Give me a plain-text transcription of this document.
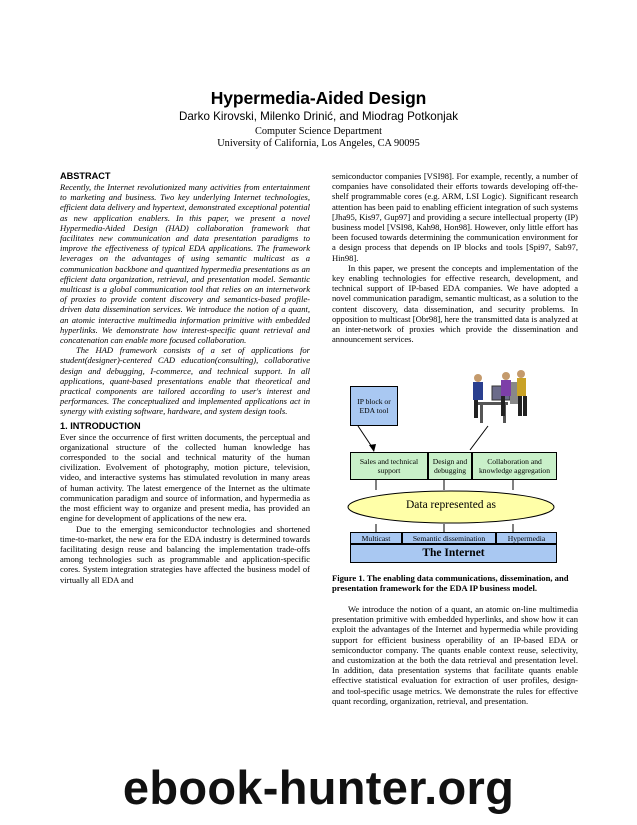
Hypermedia-Aided Design
Darko Kirovski, Milenko Drinić, and Miodrag Potkonjak
Computer Science Department
University of California, Los Angeles, CA 90095

ABSTRACT

Recently, the Internet revolutionized many activities from entertainment to marketing and business. Two key underlying Internet technologies, efficient data delivery and hypertext, demonstrated exceptional potential as new application enablers. In this paper, we present a novel Hypermedia-Aided Design (HAD) collaboration framework that facilitates new communication and data presentation paradigms to improve the effectiveness of typical EDA applications. The framework leverages on the advantages of using semantic multicast as a communication backbone and quantized hypermedia presentations as an efficient data organization, retrieval, and presentation model. Semantic multicast is a global communication tool that relies on an internetwork of proxies to provide content discovery and semantics-based profile-driven data dissemination services. We introduce the notion of a quant, an atomic interactive multimedia information primitive with embedded hyperlinks. We demonstrate how interest-specific quant retrieval and concatenation can enable more focused collaboration.

The HAD framework consists of a set of applications for student(designer)-centered CAD education(consulting), collaborative design and debugging, I-commerce, and technical support. In all applications, quant-based presentations enable that theoretical and practical components are tailored according to user's interest and performances. The conceptualized and implemented applications act in synergy with existing software, hardware, and system design tools.

1. INTRODUCTION

Ever since the occurrence of first written documents, the perceptual and organizational structure of the collected human knowledge has corresponded to the social and technical maturity of the human civilization. Evolvement of photography, motion picture, television, video, and interactive systems has stimulated revolution in many areas of human activity. The latest emergence of the Internet as the ultimate communication paradigm and source of information, and hypermedia as the most efficient way to organize and present media, has provided an engine for development of applications of the new era.

Due to the emerging semiconductor technologies and shortened time-to-market, the new era for the EDA industry is determined towards facilitating design reuse and balancing the implementation trade-offs among technologies such as programmable and application-specific cores. System integration strategies have affected the business model of virtually all EDA and

semiconductor companies [VSI98]. For example, recently, a number of companies have consolidated their efforts towards developing off-the-shelf programmable cores (e.g. ARM, LSI Logic). Significant research attention has been paid to enabling efficient integration of such systems [Jha95, Kis97, Gup97] and providing a secure intellectual property (IP) business model [VSI98, Kah98, Hon98]. However, only little effort has been focused towards determining the communication environment for a design process that depends on IP blocks and tools [Spi97, Sab97, Hin98].

In this paper, we present the concepts and implementation of the key enabling technologies for effective research, development, and technical support of IP-based EDA companies. We have adopted a novel communication paradigm, semantic multicast, as a solution to the content discovery, data dissemination, and security problems. In opposition to multicast [Obr98], here the transmitted data is analyzed at an inter-network of proxies which provide the dissemination and announcement services.

IP block or EDA tool
Sales and technical support
Design and debugging
Collaboration and knowledge aggregation
Data represented as
Multicast	Semantic dissemination	Hypermedia
The Internet
Figure 1. The enabling data communications, dissemination, and presentation framework for the EDA IP business model.

We introduce the notion of a quant, an atomic on-line multimedia presentation primitive with embedded hyperlinks, and show how it can exploit the advantages of the Internet and hypermedia while providing support for efficient business operability of an IP-based EDA or semiconductor company. The quants enable context reuse, selectivity, and customization at the both the data retrieval and presentation level. In addition, data presentation systems that facilitate quants enable effective statistical evaluation for extraction of user profiles, design- and tool-specific usage metrics. We demonstrate the rules for effective quant recording, organization, retrieval, and presentation.

ebook-hunter.org
